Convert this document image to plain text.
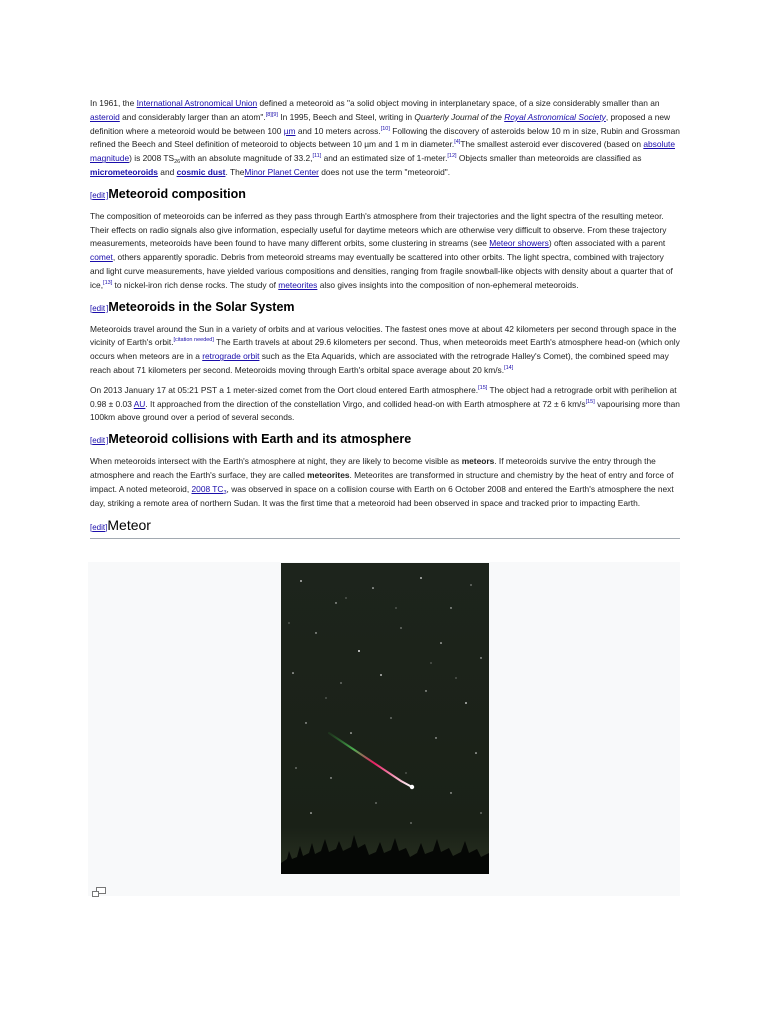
In 1961, the International Astronomical Union defined a meteoroid as "a solid object moving in interplanetary space, of a size considerably smaller than an asteroid and considerably larger than an atom".[8][9] In 1995, Beech and Steel, writing in Quarterly Journal of the Royal Astronomical Society, proposed a new definition where a meteoroid would be between 100 µm and 10 meters across.[10] Following the discovery of asteroids below 10 m in size, Rubin and Grossman refined the Beech and Steel definition of meteoroid to objects between 10 µm and 1 m in diameter.[4]The smallest asteroid ever discovered (based on absolute magnitude) is 2008 $TS_{26}with$ an absolute magnitude of 33.2,[11] and an estimated size of 1-meter.[12] Objects smaller than meteoroids are classified as micrometeoroids and cosmic dust. TheMinor Planet Center does not use the term "meteoroid".

[edit]Meteoroid composition

The composition of meteoroids can be inferred as they pass through Earth's atmosphere from their trajectories and the light spectra of the resulting meteor. Their effects on radio signals also give information, especially useful for daytime meteors which are otherwise very difficult to observe. From these trajectory measurements, meteoroids have been found to have many different orbits, some clustering in streams (see Meteor showers) often associated with a parent comet, others apparently sporadic. Debris from meteoroid streams may eventually be scattered into other orbits. The light spectra, combined with trajectory and light curve measurements, have yielded various compositions and densities, ranging from fragile snowball-like objects with density about a quarter that of ice,[13] to nickel-iron rich dense rocks. The study of meteorites also gives insights into the composition of non-ephemeral meteoroids.

[edit]Meteoroids in the Solar System

Meteoroids travel around the Sun in a variety of orbits and at various velocities. The fastest ones move at about 42 kilometers per second through space in the vicinity of Earth's orbit.[citation needed] The Earth travels at about 29.6 kilometers per second. Thus, when meteoroids meet Earth's atmosphere head-on (which only occurs when meteors are in a retrograde orbit such as the Eta Aquarids, which are associated with the retrograde Halley's Comet), the combined speed may reach about 71 kilometers per second. Meteoroids moving through Earth's orbital space average about 20 km/s.[14]

On 2013 January 17 at 05:21 PST a 1 meter-sized comet from the Oort cloud entered Earth atmosphere.[15] The object had a retrograde orbit with perihelion at 0.98 ± 0.03 AU. It approached from the direction of the constellation Virgo, and collided head-on with Earth atmosphere at 72 ± 6 km/s[15] vapourising more than 100km above ground over a period of several seconds.

[edit]Meteoroid collisions with Earth and its atmosphere

When meteoroids intersect with the Earth's atmosphere at night, they are likely to become visible as meteors. If meteoroids survive the entry through the atmosphere and reach the Earth's surface, they are called meteorites. Meteorites are transformed in structure and chemistry by the heat of entry and force of impact. A noted meteoroid, 2008 $TC_3$, was observed in space on a collision course with Earth on 6 October 2008 and entered the Earth's atmosphere the next day, striking a remote area of northern Sudan. It was the first time that a meteoroid had been observed in space and tracked prior to impacting Earth.

[edit]Meteor
